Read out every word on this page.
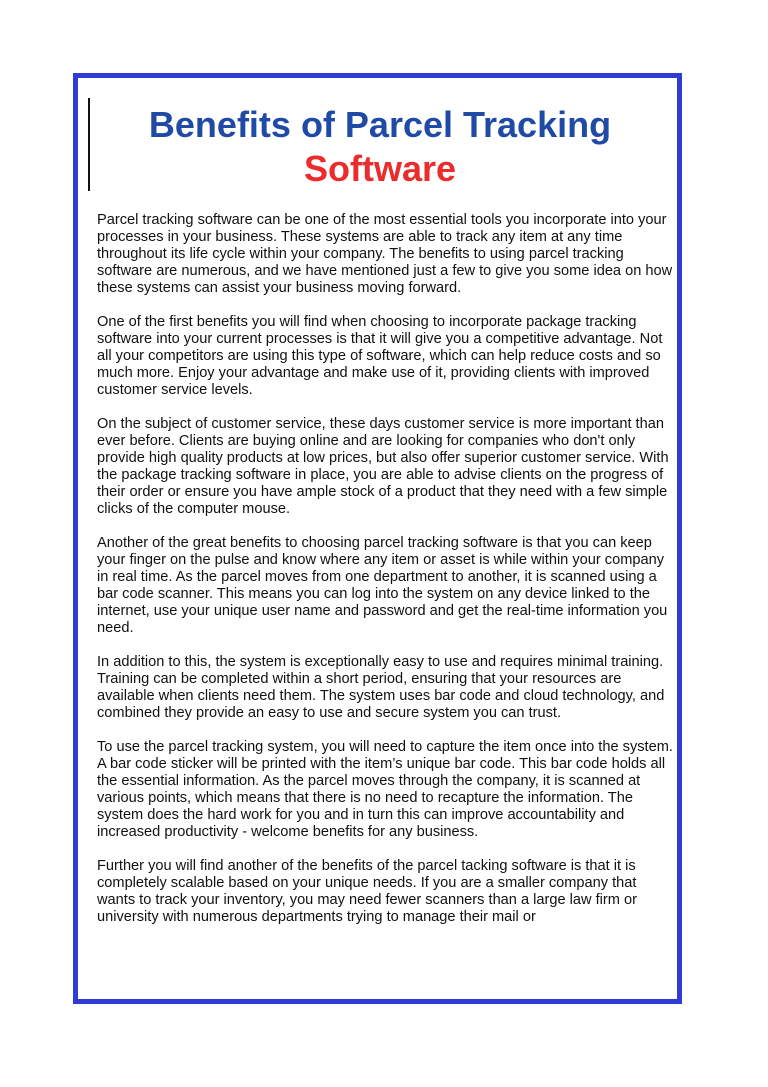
Benefits of Parcel Tracking
Software

Parcel tracking software can be one of the most essential tools you incorporate into your processes in your business. These systems are able to track any item at any time throughout its life cycle within your company. The benefits to using parcel tracking software are numerous, and we have mentioned just a few to give you some idea on how these systems can assist your business moving forward.

One of the first benefits you will find when choosing to incorporate package tracking software into your current processes is that it will give you a competitive advantage. Not all your competitors are using this type of software, which can help reduce costs and so much more. Enjoy your advantage and make use of it, providing clients with improved customer service levels.

On the subject of customer service, these days customer service is more important than ever before. Clients are buying online and are looking for companies who don't only provide high quality products at low prices, but also offer superior customer service. With the package tracking software in place, you are able to advise clients on the progress of their order or ensure you have ample stock of a product that they need with a few simple clicks of the computer mouse.

Another of the great benefits to choosing parcel tracking software is that you can keep your finger on the pulse and know where any item or asset is while within your company in real time. As the parcel moves from one department to another, it is scanned using a bar code scanner. This means you can log into the system on any device linked to the internet, use your unique user name and password and get the real-time information you need.

In addition to this, the system is exceptionally easy to use and requires minimal training. Training can be completed within a short period, ensuring that your resources are available when clients need them. The system uses bar code and cloud technology, and combined they provide an easy to use and secure system you can trust.

To use the parcel tracking system, you will need to capture the item once into the system. A bar code sticker will be printed with the item’s unique bar code. This bar code holds all the essential information. As the parcel moves through the company, it is scanned at various points, which means that there is no need to recapture the information. The system does the hard work for you and in turn this can improve accountability and increased productivity - welcome benefits for any business.

Further you will find another of the benefits of the parcel tacking software is that it is completely scalable based on your unique needs. If you are a smaller company that wants to track your inventory, you may need fewer scanners than a large law firm or university with numerous departments trying to manage their mail or
